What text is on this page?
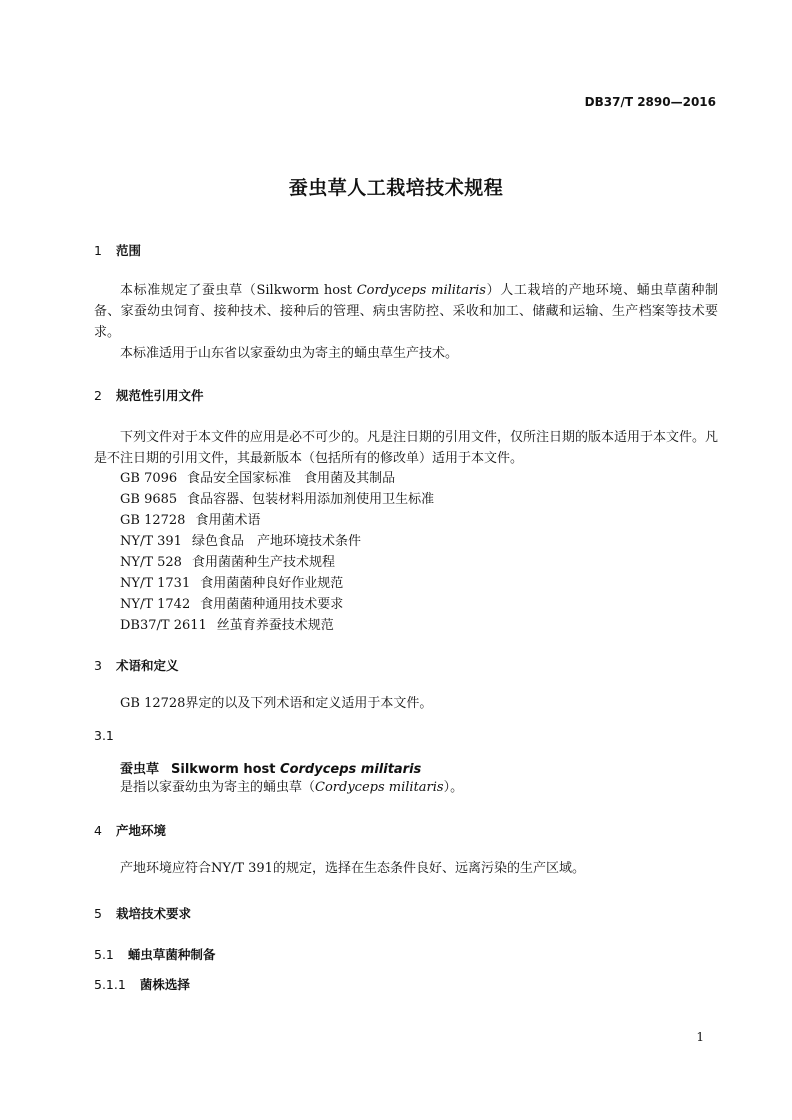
DB37/T 2890—2016

蚕虫草人工栽培技术规程

1 范围

本标准规定了蚕虫草（Silkworm host Cordyceps militaris）人工栽培的产地环境、蛹虫草菌种制备、家蚕幼虫饲育、接种技术、接种后的管理、病虫害防控、采收和加工、储藏和运输、生产档案等技术要求。

本标准适用于山东省以家蚕幼虫为寄主的蛹虫草生产技术。

2 规范性引用文件

下列文件对于本文件的应用是必不可少的。凡是注日期的引用文件，仅所注日期的版本适用于本文件。凡是不注日期的引用文件，其最新版本（包括所有的修改单）适用于本文件。

GB 7096 食品安全国家标准　食用菌及其制品

GB 9685 食品容器、包装材料用添加剂使用卫生标准

GB 12728 食用菌术语

NY/T 391 绿色食品　产地环境技术条件

NY/T 528 食用菌菌种生产技术规程

NY/T 1731 食用菌菌种良好作业规范

NY/T 1742 食用菌菌种通用技术要求

DB37/T 2611 丝茧育养蚕技术规范

3 术语和定义

GB 12728界定的以及下列术语和定义适用于本文件。

3.1

蚕虫草 Silkworm host Cordyceps militaris

是指以家蚕幼虫为寄主的蛹虫草（Cordyceps militaris）。

4 产地环境

产地环境应符合NY/T 391的规定，选择在生态条件良好、远离污染的生产区域。

5 栽培技术要求

5.1 蛹虫草菌种制备

5.1.1 菌株选择

1
